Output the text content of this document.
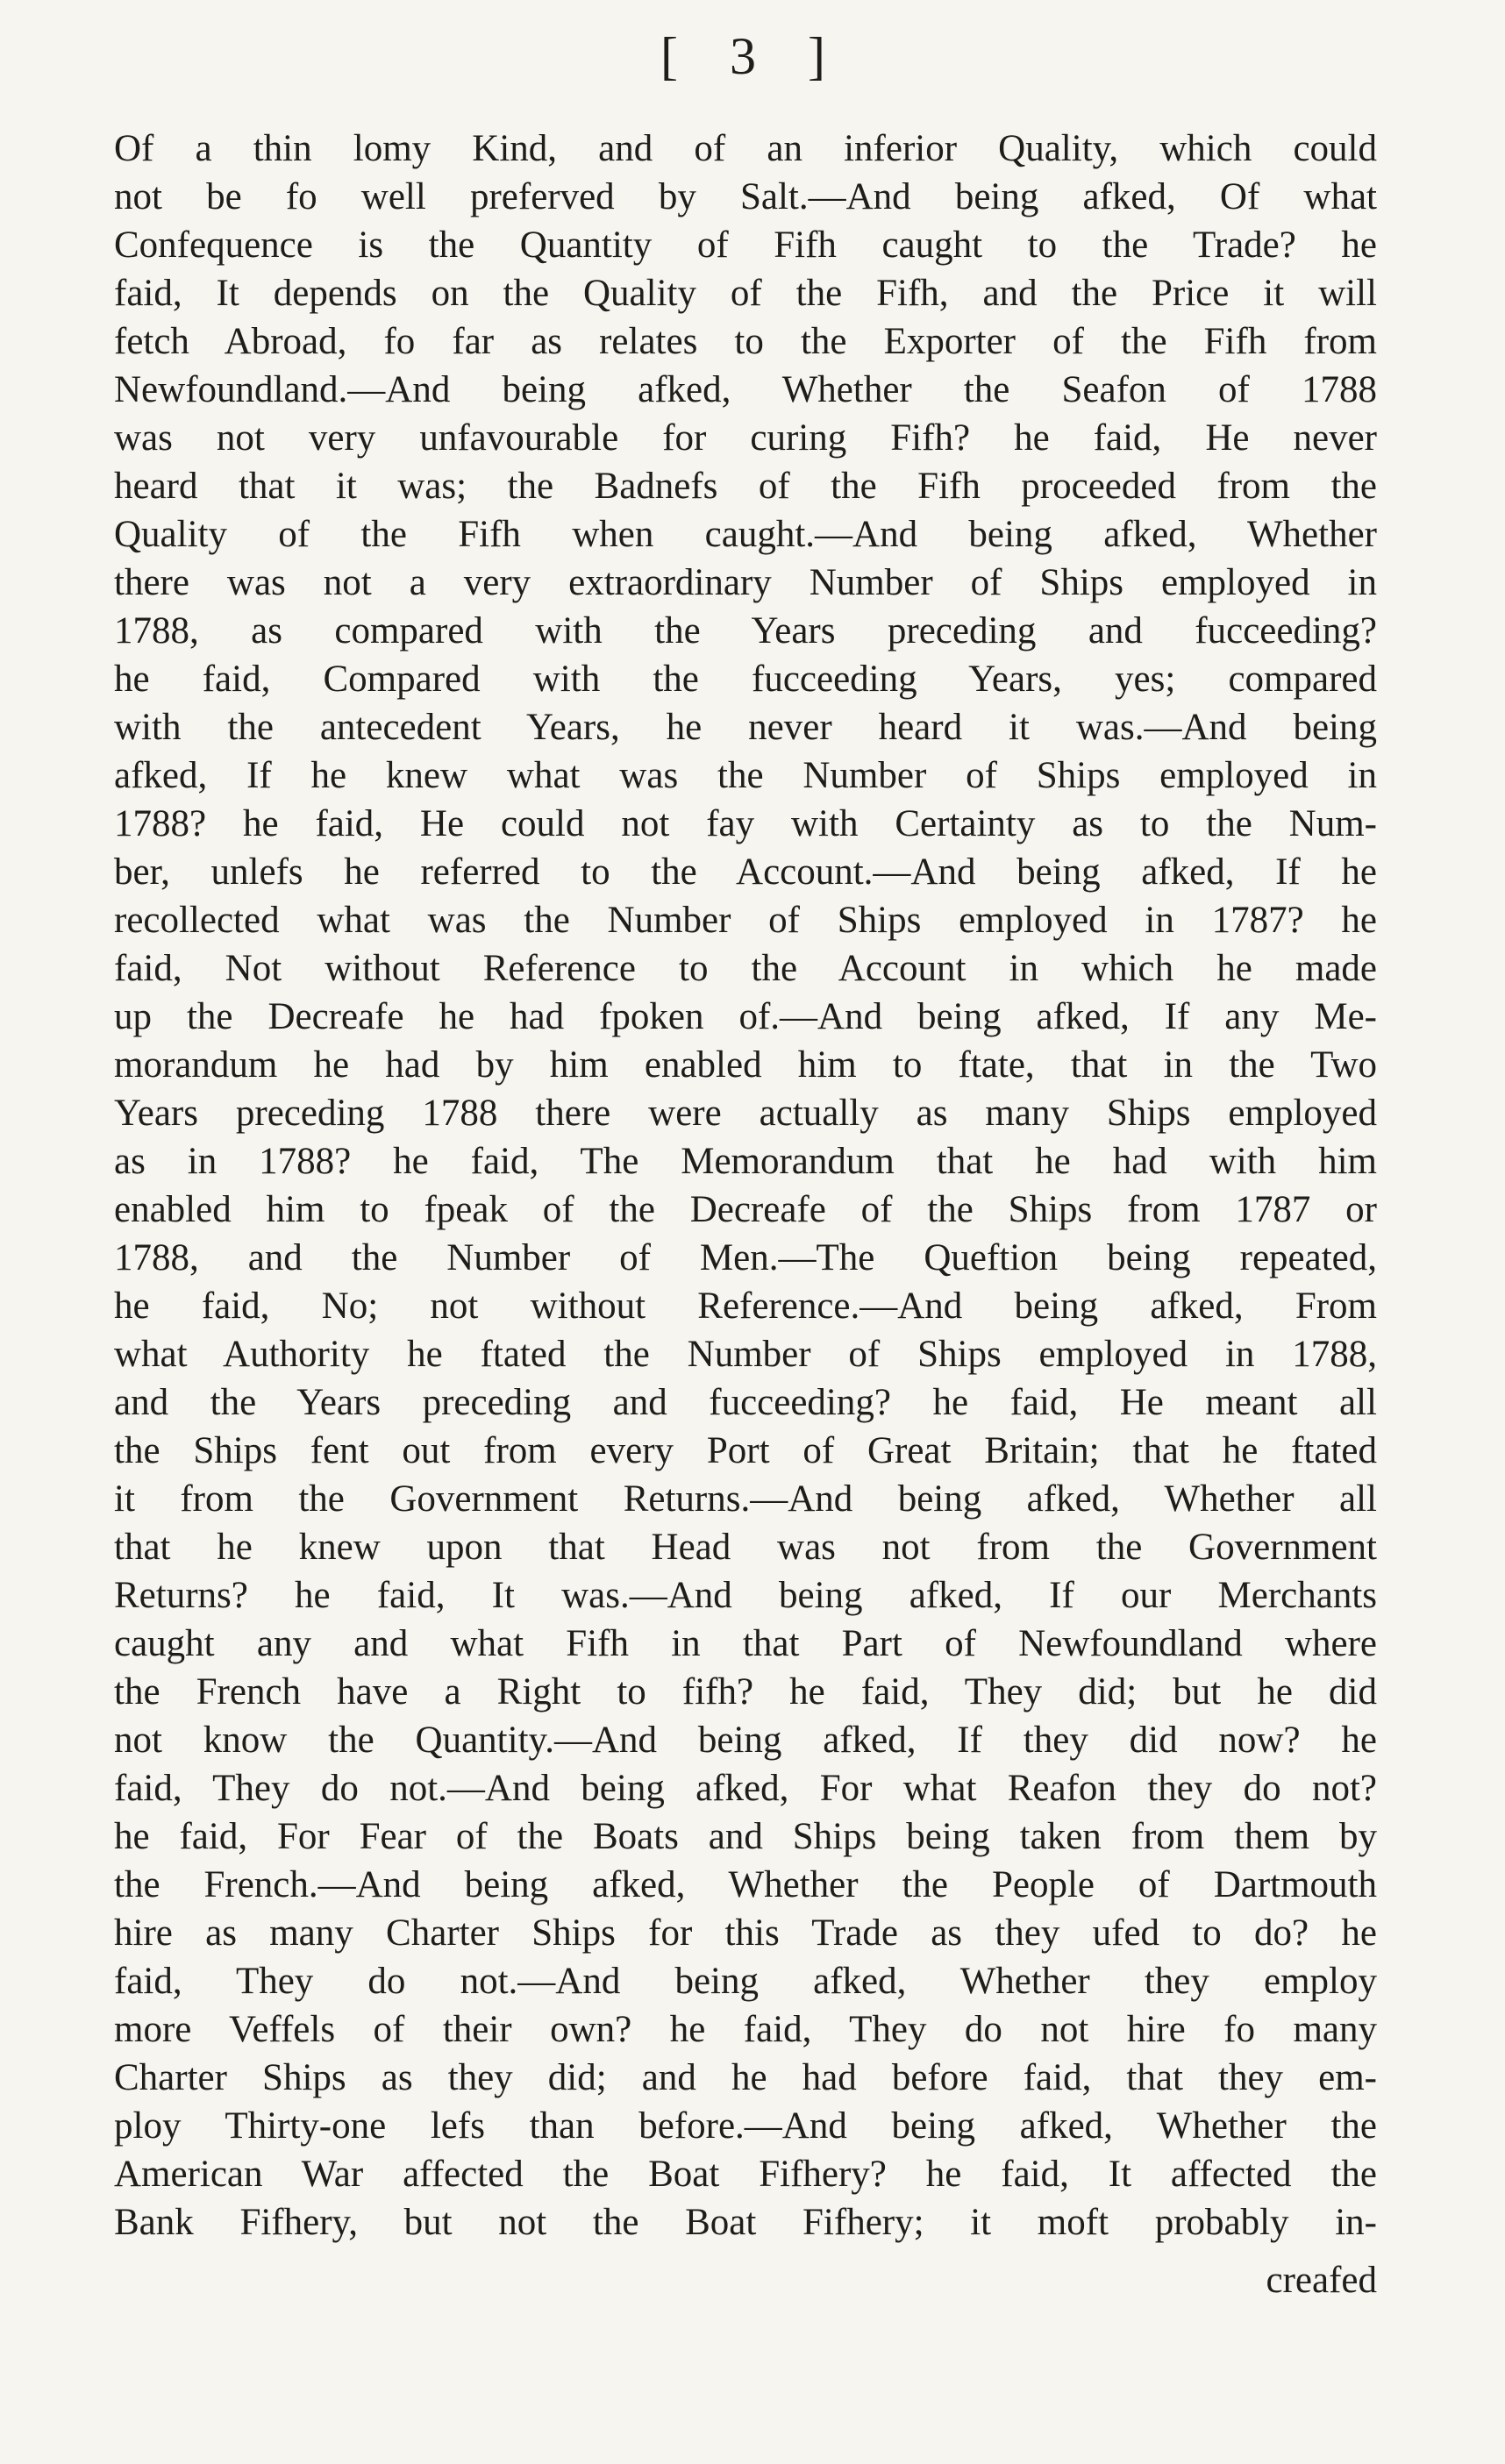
[ 3 ]
Of a thin lomy Kind, and of an inferior Quality, which could
not be fo well preferved by Salt.—And being afked, Of what
Confequence is the Quantity of Fifh caught to the Trade? he
faid, It depends on the Quality of the Fifh, and the Price it will
fetch Abroad, fo far as relates to the Exporter of the Fifh from
Newfoundland.—And being afked, Whether the Seafon of 1788
was not very unfavourable for curing Fifh? he faid, He never
heard that it was; the Badnefs of the Fifh proceeded from the
Quality of the Fifh when caught.—And being afked, Whether
there was not a very extraordinary Number of Ships employed in
1788, as compared with the Years preceding and fucceeding?
he faid, Compared with the fucceeding Years, yes; compared
with the antecedent Years, he never heard it was.—And being
afked, If he knew what was the Number of Ships employed in
1788? he faid, He could not fay with Certainty as to the Num-
ber, unlefs he referred to the Account.—And being afked, If he
recollected what was the Number of Ships employed in 1787? he
faid, Not without Reference to the Account in which he made
up the Decreafe he had fpoken of.—And being afked, If any Me-
morandum he had by him enabled him to ftate, that in the Two
Years preceding 1788 there were actually as many Ships employed
as in 1788? he faid, The Memorandum that he had with him
enabled him to fpeak of the Decreafe of the Ships from 1787 or
1788, and the Number of Men.—The Queftion being repeated,
he faid, No; not without Reference.—And being afked, From
what Authority he ftated the Number of Ships employed in 1788,
and the Years preceding and fucceeding? he faid, He meant all
the Ships fent out from every Port of Great Britain; that he ftated
it from the Government Returns.—And being afked, Whether all
that he knew upon that Head was not from the Government
Returns? he faid, It was.—And being afked, If our Merchants
caught any and what Fifh in that Part of Newfoundland where
the French have a Right to fifh? he faid, They did; but he did
not know the Quantity.—And being afked, If they did now? he
faid, They do not.—And being afked, For what Reafon they do not?
he faid, For Fear of the Boats and Ships being taken from them by
the French.—And being afked, Whether the People of Dartmouth
hire as many Charter Ships for this Trade as they ufed to do? he
faid, They do not.—And being afked, Whether they employ
more Veffels of their own? he faid, They do not hire fo many
Charter Ships as they did; and he had before faid, that they em-
ploy Thirty-one lefs than before.—And being afked, Whether the
American War affected the Boat Fifhery? he faid, It affected the
Bank Fifhery, but not the Boat Fifhery; it moft probably in-
creafed
